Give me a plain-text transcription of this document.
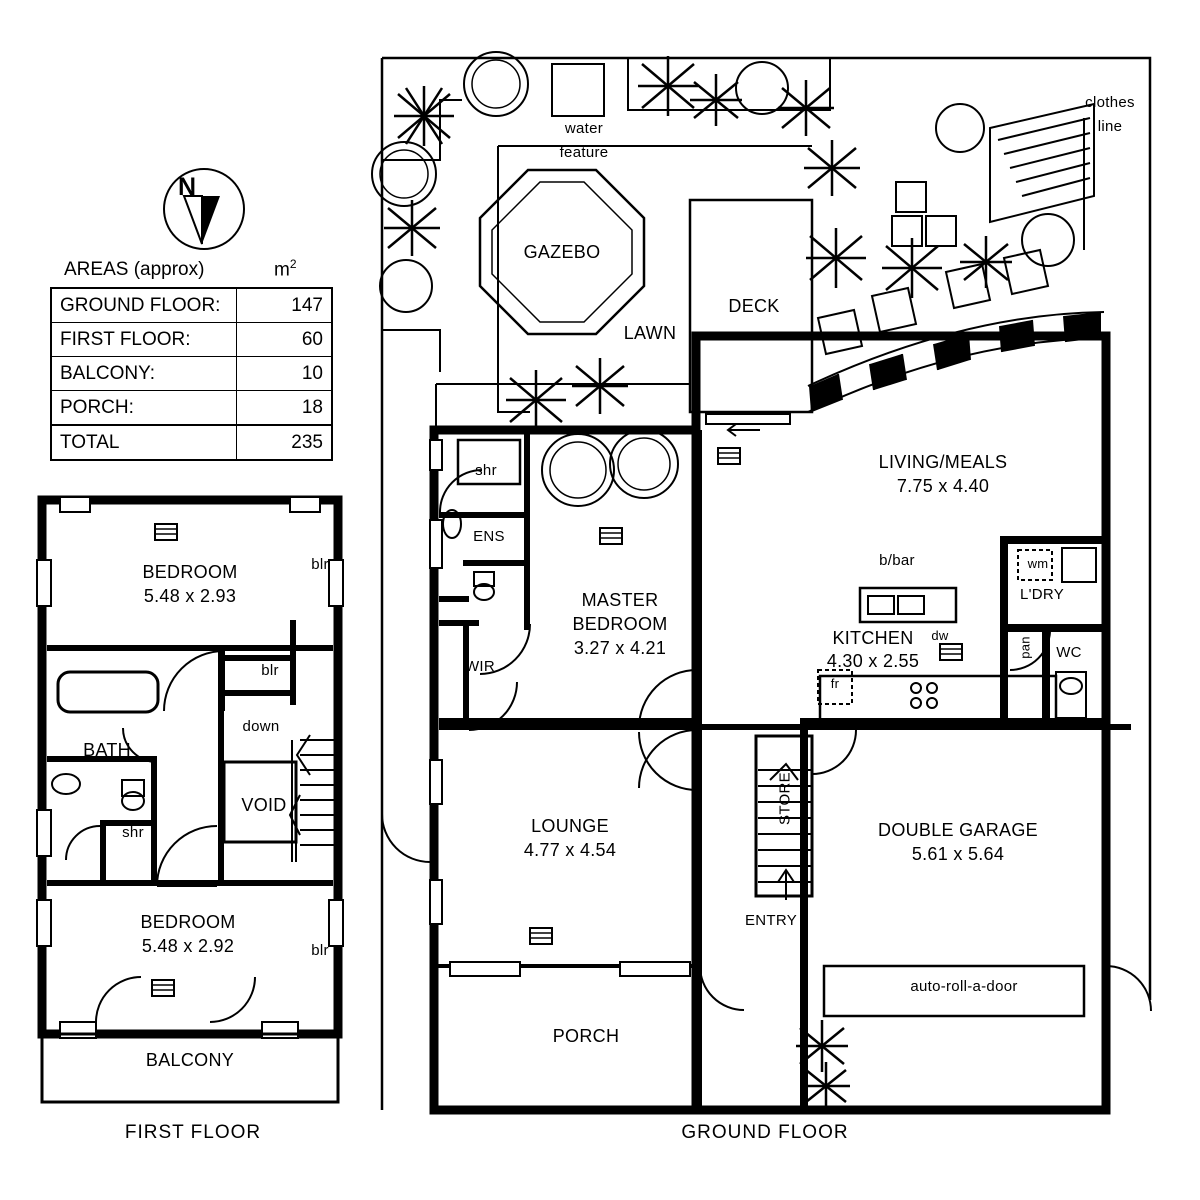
AREAS (approx)	$m^2$
GROUND FLOOR:	147
FIRST FLOOR:	60
BALCONY:	10
PORCH:	18
TOTAL	235
N
BEDROOM
5.48 x 2.93
BEDROOM
5.48 x 2.92
BATH
VOID
BALCONY
blr
blr
blr
shr
down
FIRST FLOOR
MASTER
BEDROOM
3.27 x 4.21
LOUNGE
4.77 x 4.54
LIVING/MEALS
7.75 x 4.40
KITCHEN
4.30 x 2.55
DOUBLE GARAGE
5.61 x 5.64
PORCH
shr
ENS
WIR
STORE
ENTRY
L'DRY
WC
pan
dw
fr
wm
b/bar
auto-roll-a-door
water
feature
GAZEBO
LAWN
DECK
clothes
line
GROUND FLOOR
